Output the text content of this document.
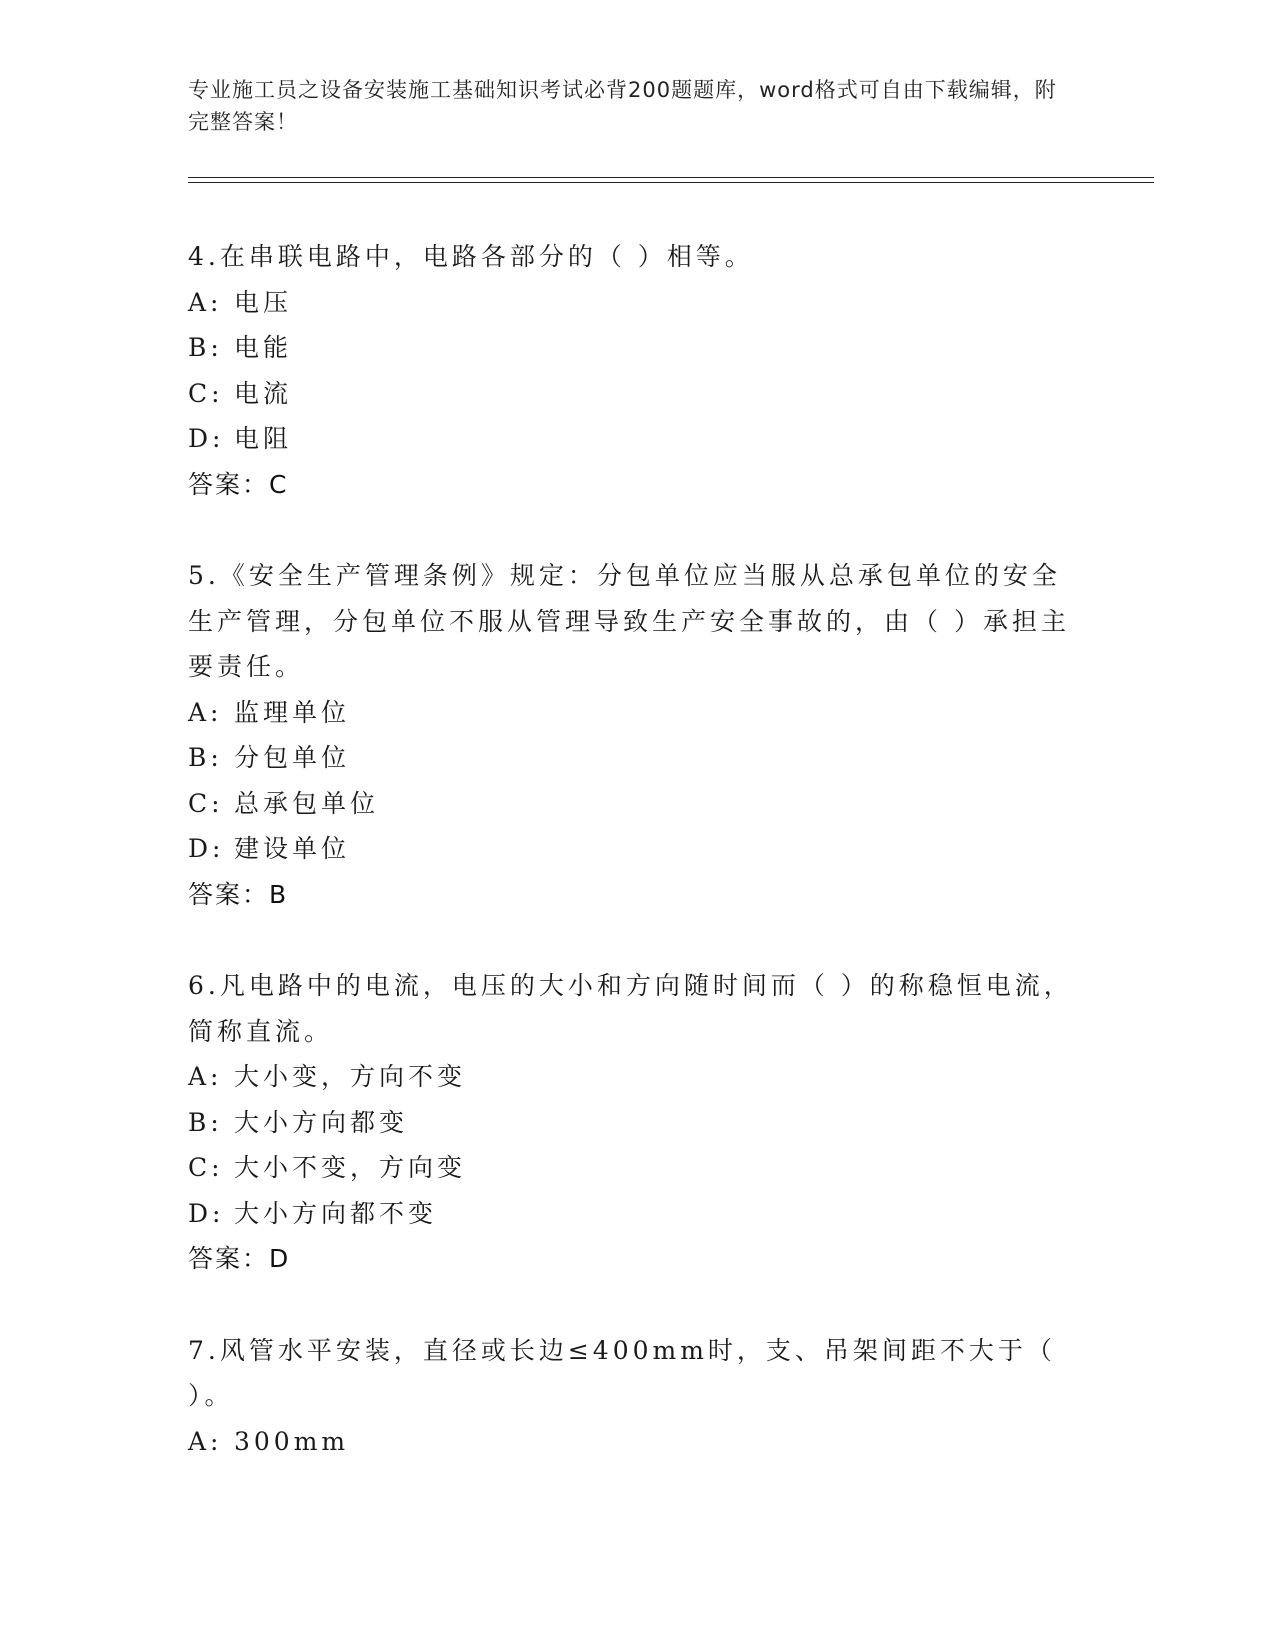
专业施工员之设备安装施工基础知识考试必背200题题库，word格式可自由下载编辑，附完整答案！

4.在串联电路中，电路各部分的（ ）相等。

A: 电压
B: 电能
C: 电流
D: 电阻
答案：C

5.《安全生产管理条例》规定：分包单位应当服从总承包单位的安全生产管理，分包单位不服从管理导致生产安全事故的，由（ ）承担主要责任。

A: 监理单位
B: 分包单位
C: 总承包单位
D: 建设单位
答案：B

6.凡电路中的电流，电压的大小和方向随时间而（ ）的称稳恒电流，简称直流。

A: 大小变，方向不变
B: 大小方向都变
C: 大小不变，方向变
D: 大小方向都不变
答案：D

7.风管水平安装，直径或长边≤400mm时，支、吊架间距不大于（ ）。

A: 300mm
